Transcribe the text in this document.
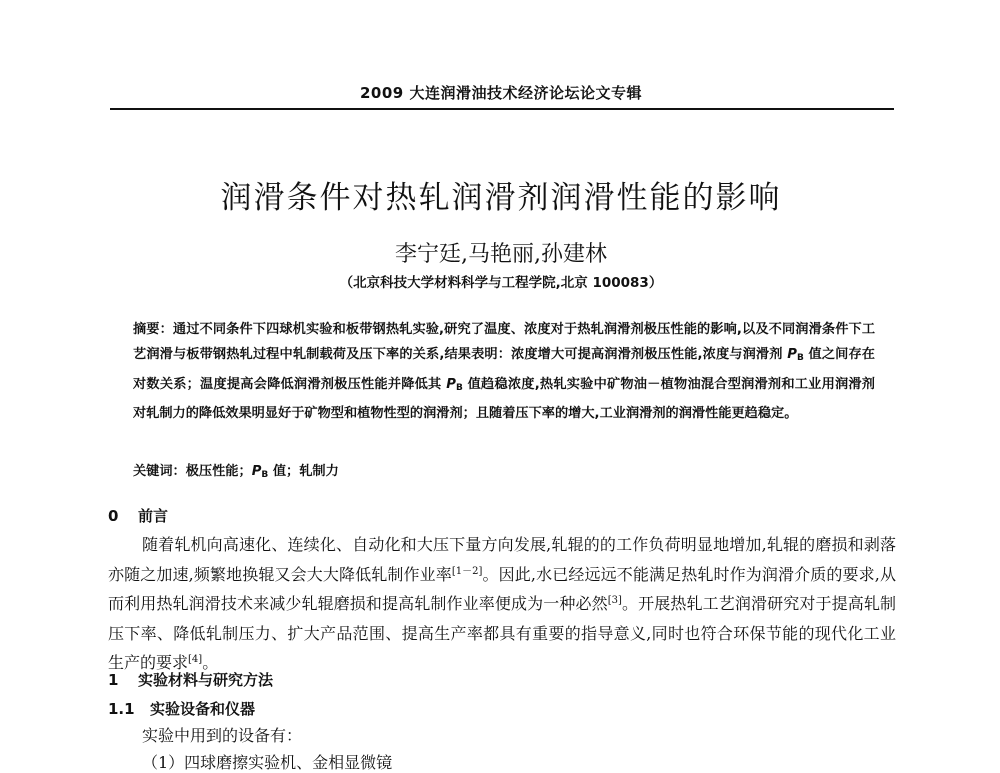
2009 大连润滑油技术经济论坛论文专辑
润滑条件对热轧润滑剂润滑性能的影响
李宁廷,马艳丽,孙建林
（北京科技大学材料科学与工程学院,北京 100083）
摘要：通过不同条件下四球机实验和板带钢热轧实验,研究了温度、浓度对于热轧润滑剂极压性能的影响,以及不同润滑条件下工艺润滑与板带钢热轧过程中轧制载荷及压下率的关系,结果表明：浓度增大可提高润滑剂极压性能,浓度与润滑剂 PB 值之间存在对数关系；温度提高会降低润滑剂极压性能并降低其 PB 值趋稳浓度,热轧实验中矿物油－植物油混合型润滑剂和工业用润滑剂对轧制力的降低效果明显好于矿物型和植物性型的润滑剂；且随着压下率的增大,工业润滑剂的润滑性能更趋稳定。
关键词：极压性能；PB 值；轧制力
0 前言
随着轧机向高速化、连续化、自动化和大压下量方向发展,轧辊的的工作负荷明显地增加,轧辊的磨损和剥落亦随之加速,频繁地换辊又会大大降低轧制作业率[1－2]。因此,水已经远远不能满足热轧时作为润滑介质的要求,从而利用热轧润滑技术来减少轧辊磨损和提高轧制作业率便成为一种必然[3]。开展热轧工艺润滑研究对于提高轧制压下率、降低轧制压力、扩大产品范围、提高生产率都具有重要的指导意义,同时也符合环保节能的现代化工业生产的要求[4]。
1 实验材料与研究方法
1.1 实验设备和仪器
实验中用到的设备有：
（1）四球磨擦实验机、金相显微镜
